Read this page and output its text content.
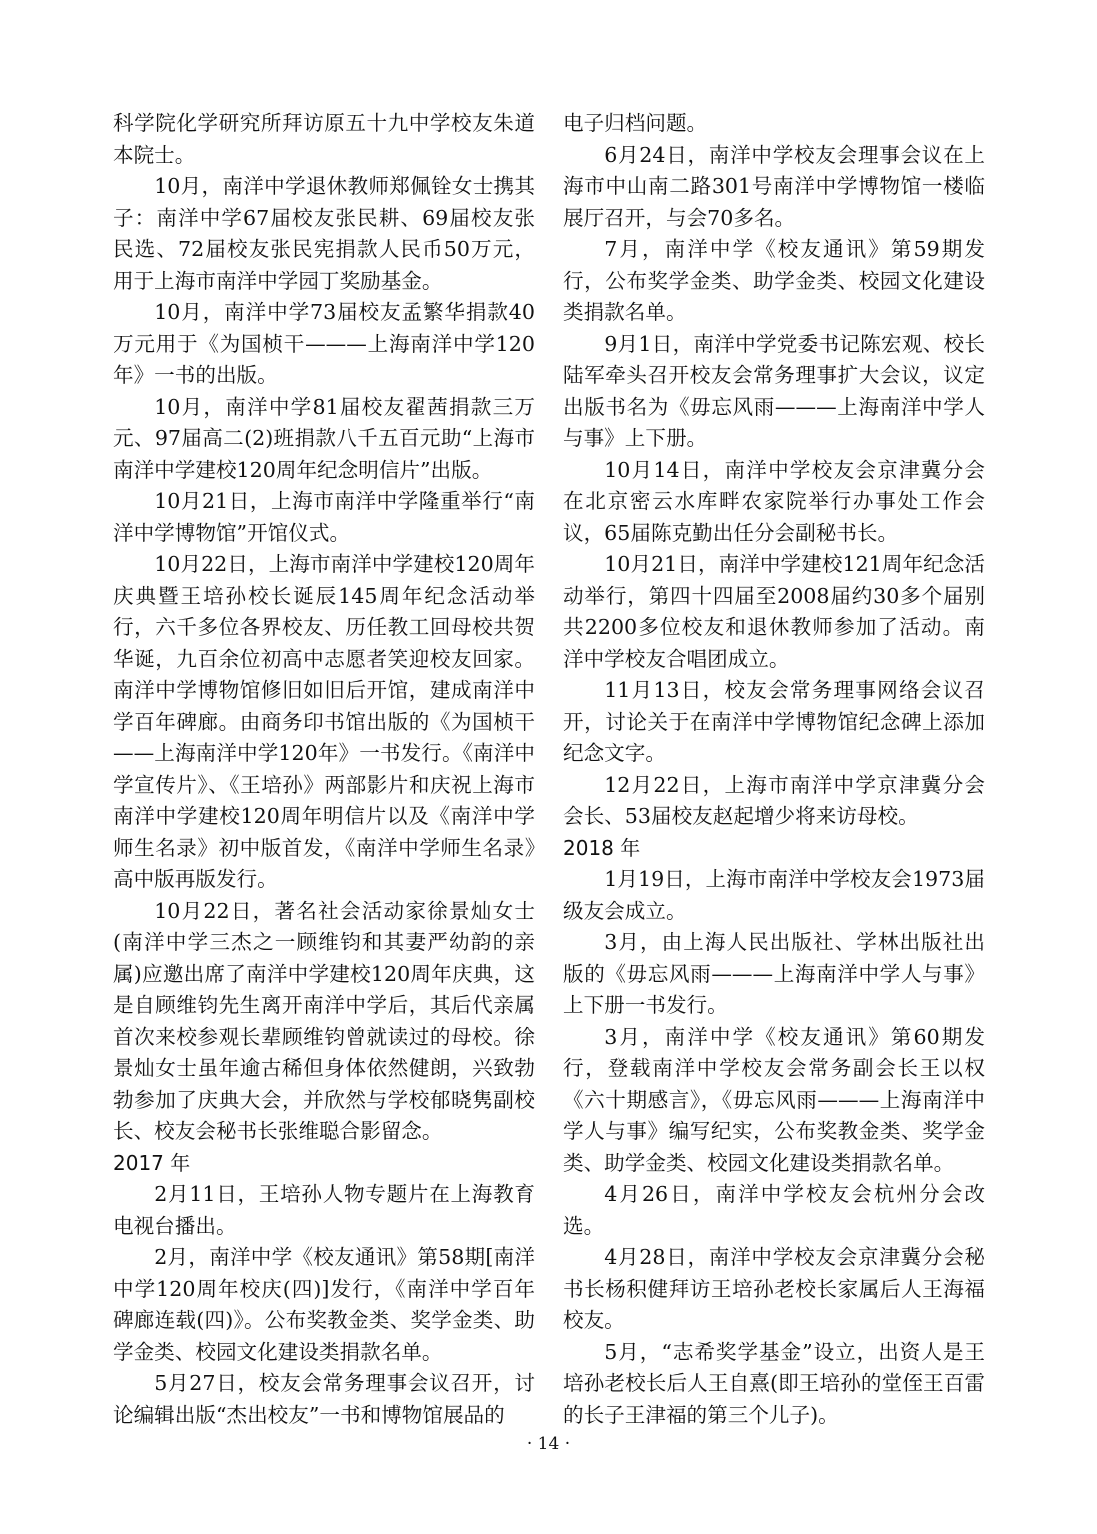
科学院化学研究所拜访原五十九中学校友朱道本院士。

10月，南洋中学退休教师郑佩铨女士携其子：南洋中学67届校友张民耕、69届校友张民选、72届校友张民宪捐款人民币50万元，用于上海市南洋中学园丁奖励基金。

10月，南洋中学73届校友孟繁华捐款40万元用于《为国桢干———上海南洋中学120年》一书的出版。

10月，南洋中学81届校友翟茜捐款三万元、97届高二(2)班捐款八千五百元助“上海市南洋中学建校120周年纪念明信片”出版。

10月21日，上海市南洋中学隆重举行“南洋中学博物馆”开馆仪式。

10月22日，上海市南洋中学建校120周年庆典暨王培孙校长诞辰145周年纪念活动举行，六千多位各界校友、历任教工回母校共贺华诞，九百余位初高中志愿者笑迎校友回家。南洋中学博物馆修旧如旧后开馆，建成南洋中学百年碑廊。由商务印书馆出版的《为国桢干——上海南洋中学120年》一书发行。《南洋中学宣传片》、《王培孙》两部影片和庆祝上海市南洋中学建校120周年明信片以及《南洋中学师生名录》初中版首发，《南洋中学师生名录》高中版再版发行。

10月22日，著名社会活动家徐景灿女士(南洋中学三杰之一顾维钧和其妻严幼韵的亲属)应邀出席了南洋中学建校120周年庆典，这是自顾维钧先生离开南洋中学后，其后代亲属首次来校参观长辈顾维钧曾就读过的母校。徐景灿女士虽年逾古稀但身体依然健朗，兴致勃勃参加了庆典大会，并欣然与学校郁晓隽副校长、校友会秘书长张维聪合影留念。

2017 年

2月11日，王培孙人物专题片在上海教育电视台播出。

2月，南洋中学《校友通讯》第58期[南洋中学120周年校庆(四)]发行，《南洋中学百年碑廊连载(四)》。公布奖教金类、奖学金类、助学金类、校园文化建设类捐款名单。

5月27日，校友会常务理事会议召开，讨论编辑出版“杰出校友”一书和博物馆展品的

电子归档问题。

6月24日，南洋中学校友会理事会议在上海市中山南二路301号南洋中学博物馆一楼临展厅召开，与会70多名。

7月，南洋中学《校友通讯》第59期发行，公布奖学金类、助学金类、校园文化建设类捐款名单。

9月1日，南洋中学党委书记陈宏观、校长陆军牵头召开校友会常务理事扩大会议，议定出版书名为《毋忘风雨———上海南洋中学人与事》上下册。

10月14日，南洋中学校友会京津冀分会在北京密云水库畔农家院举行办事处工作会议，65届陈克勤出任分会副秘书长。

10月21日，南洋中学建校121周年纪念活动举行，第四十四届至2008届约30多个届别共2200多位校友和退休教师参加了活动。南洋中学校友合唱团成立。

11月13日，校友会常务理事网络会议召开，讨论关于在南洋中学博物馆纪念碑上添加纪念文字。

12月22日，上海市南洋中学京津冀分会会长、53届校友赵起增少将来访母校。

2018 年

1月19日，上海市南洋中学校友会1973届级友会成立。

3月，由上海人民出版社、学林出版社出版的《毋忘风雨———上海南洋中学人与事》上下册一书发行。

3月，南洋中学《校友通讯》第60期发行，登载南洋中学校友会常务副会长王以权《六十期感言》，《毋忘风雨———上海南洋中学人与事》编写纪实，公布奖教金类、奖学金类、助学金类、校园文化建设类捐款名单。

4月26日，南洋中学校友会杭州分会改选。

4月28日，南洋中学校友会京津冀分会秘书长杨积健拜访王培孙老校长家属后人王海福校友。

5月，“志希奖学基金”设立，出资人是王培孙老校长后人王自熹(即王培孙的堂侄王百雷的长子王津福的第三个儿子)。

· 14 ·
